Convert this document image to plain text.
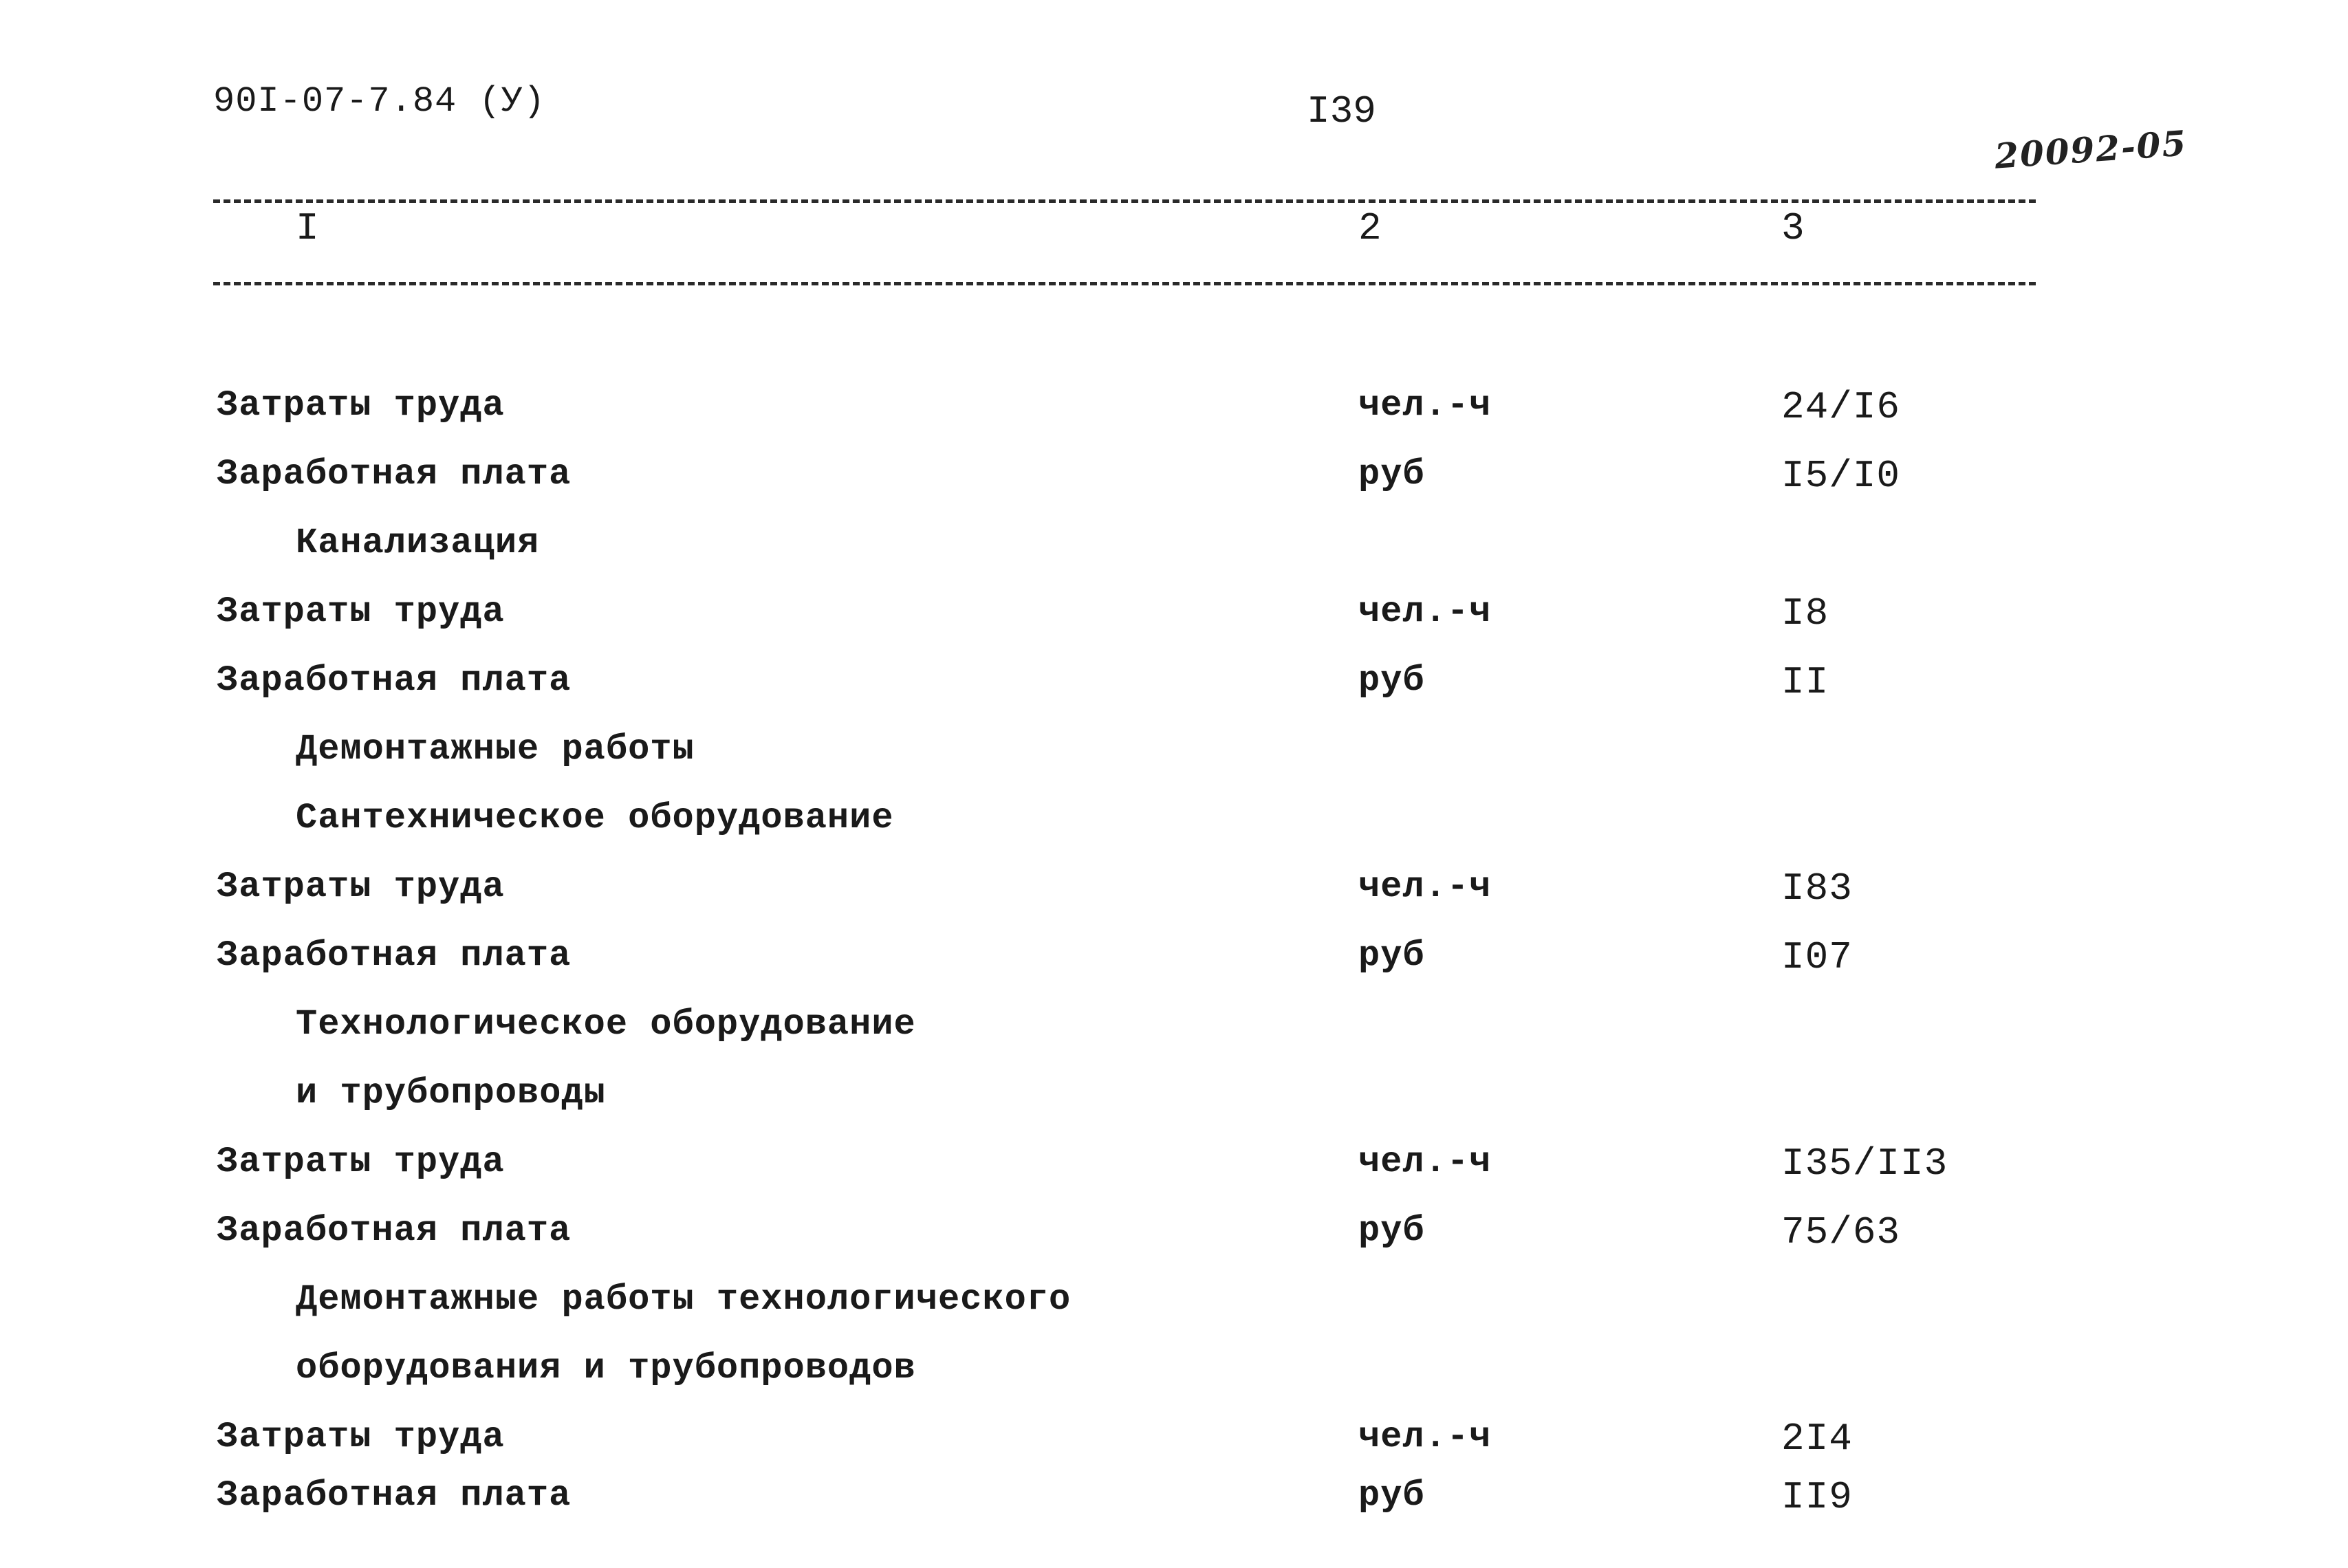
90I-07-7.84 (У)	I39
20092-05
I	2	3
Затраты труда	чел.-ч	24/I6
Заработная плата	руб	I5/I0
Канализация
Затраты труда	чел.-ч	I8
Заработная плата	руб	II
Демонтажные работы
Сантехническое оборудование
Затраты труда	чел.-ч	I83
Заработная плата	руб	I07
Технологическое оборудование
и трубопроводы
Затраты труда	чел.-ч	I35/II3
Заработная плата	руб	75/63
Демонтажные работы технологического
оборудования и трубопроводов
Затраты труда	чел.-ч	2I4
Заработная плата	руб	II9
